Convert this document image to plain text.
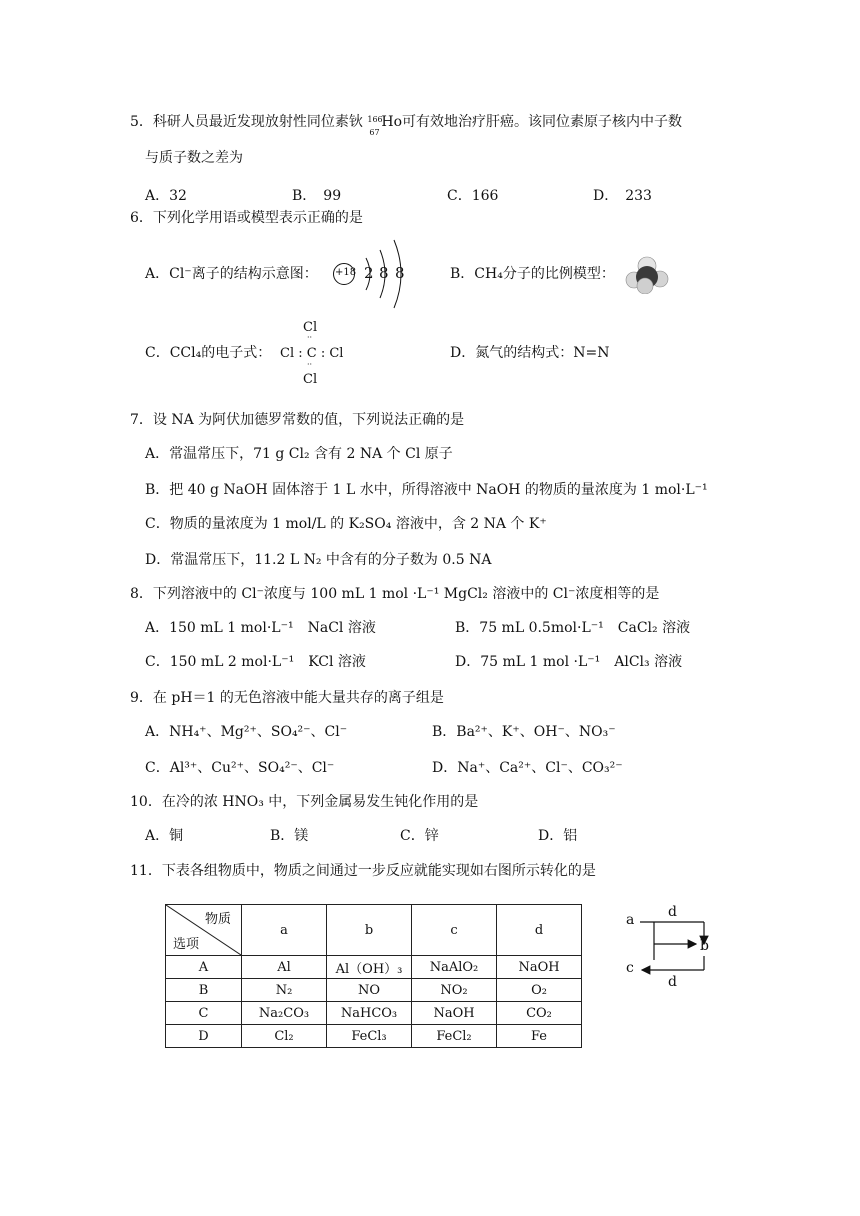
5．科研人员最近发现放射性同位素钬 166
67
Ho可有效地治疗肝癌。该同位素原子核内中子数
与质子数之差为
A．32	B．　99	C．166	D．　233
6．下列化学用语或模型表示正确的是
A．Cl⁻离子的结构示意图： +18 2 8 8	B．CH₄分子的比例模型：
C．CCl₄的电子式：
Cl
··
Cl : C : Cl
··
Cl
D．氮气的结构式：N=N
7．设 NA 为阿伏加德罗常数的值，下列说法正确的是
A．常温常压下，71 g Cl₂ 含有 2 NA 个 Cl 原子
B．把 40 g NaOH 固体溶于 1 L 水中，所得溶液中 NaOH 的物质的量浓度为 1 mol·L⁻¹
C．物质的量浓度为 1 mol/L 的 K₂SO₄ 溶液中，含 2 NA 个 K⁺
D．常温常压下，11.2 L N₂ 中含有的分子数为 0.5 NA
8．下列溶液中的 Cl⁻浓度与 100 mL 1 mol ·L⁻¹ MgCl₂ 溶液中的 Cl⁻浓度相等的是
A．150 mL 1 mol·L⁻¹　NaCl 溶液	B．75 mL 0.5mol·L⁻¹　CaCl₂ 溶液
C．150 mL 2 mol·L⁻¹　KCl 溶液	D．75 mL 1 mol ·L⁻¹　AlCl₃ 溶液
9．在 pH＝1 的无色溶液中能大量共存的离子组是
A．NH₄⁺、Mg²⁺、SO₄²⁻、Cl⁻	B．Ba²⁺、K⁺、OH⁻、NO₃⁻
C．Al³⁺、Cu²⁺、SO₄²⁻、Cl⁻	D．Na⁺、Ca²⁺、Cl⁻、CO₃²⁻
10．在冷的浓 HNO₃ 中，下列金属易发生钝化作用的是
A．铜	B．镁	C．锌	D．铝
11．下表各组物质中，物质之间通过一步反应就能实现如右图所示转化的是
物质
选项	a	b	c	d
A	Al	Al（OH）₃	NaAlO₂	NaOH
B	N₂	NO	NO₂	O₂
C	Na₂CO₃	NaHCO₃	NaOH	CO₂
D	Cl₂	FeCl₃	FeCl₂	Fe
a d
b
c
d
